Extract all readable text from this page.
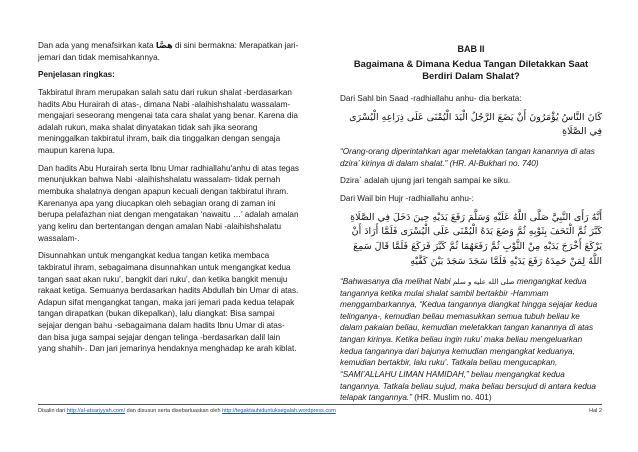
Dan ada yang menafsirkan kata هصَّا di sini bermakna: Merapatkan jari-jemari dan tidak memisahkannya.

Penjelasan ringkas:

Takbiratul ihram merupakan salah satu dari rukun shalat -berdasarkan hadits Abu Hurairah di atas-, dimana Nabi -alaihishshalatu wassalam- mengajari seseorang mengenai tata cara shalat yang benar. Karena dia adalah rukun, maka shalat dinyatakan tidak sah jika seorang meninggalkan takbiratul ihram, baik dia tinggalkan dengan sengaja maupun karena lupa.

Dan hadits Abu Hurairah serta Ibnu Umar radhiallahu'anhu di atas tegas menunjukkan bahwa Nabi -alaihishshalatu wassalam- tidak pernah membuka shalatnya dengan apapun kecuali dengan takbiratul ihram. Karenanya apa yang diucapkan oleh sebagian orang di zaman ini berupa pelafazhan niat dengan mengatakan ‘nawaitu …’ adalah amalan yang keliru dan bertentangan dengan amalan Nabi -alaihishshalatu wassalam-.

Disunnahkan untuk mengangkat kedua tangan ketika membaca takbiratul ihram, sebagaimana disunnahkan untuk mengangkat kedua tangan saat akan ruku’, bangkit dari ruku’, dan ketika bangkit menuju rakaat ketiga. Semuanya berdasarkan hadits Abdullah bin Umar di atas. Adapun sifat mengangkat tangan, maka jari jemari pada kedua telapak tangan dirapatkan (bukan dikepalkan), lalu diangkat: Bisa sampai sejajar dengan bahu -sebagaimana dalam hadits Ibnu Umar di atas- dan bisa juga sampai sejajar dengan telinga -berdasarkan dalil lain yang shahih-. Dan jari jemarinya hendaknya menghadap ke arah kiblat.

BAB II
Bagaimana & Dimana Kedua Tangan Diletakkan Saat Berdiri Dalam Shalat?

Dari Sahl bin Saad -radhiallahu anhu- dia berkata:

كَانَ النَّاسُ يُؤْمَرُونَ أَنْ يَضَعَ الرَّجُلُ الْيَدَ الْيُمْنَى عَلَى ذِرَاعِهِ الْيُسْرَى فِي الصَّلَاةِ

“Orang-orang diperintahkan agar meletakkan tangan kanannya di atas dzira’ kirinya di dalam shalat.” (HR. Al-Bukhari no. 740)

Dzira` adalah ujung jari tengah sampai ke siku.

Dari Wail bin Hujr -radhiallahu anhu-:

أَنَّهُ رَأَى النَّبِيَّ صَلَّى اللَّهُ عَلَيْهِ وَسَلَّمَ رَفَعَ يَدَيْهِ حِينَ دَخَلَ فِي الصَّلَاةِ كَبَّرَ ثُمَّ الْتَحَفَ بِثَوْبِهِ ثُمَّ وَضَعَ يَدَهُ الْيُمْنَى عَلَى الْيُسْرَى فَلَمَّا أَرَادَ أَنْ يَرْكَعَ أَخْرَجَ يَدَيْهِ مِنْ الثَّوْبِ ثُمَّ رَفَعَهُمَا ثُمَّ كَبَّرَ فَرَكَعَ فَلَمَّا قَالَ سَمِعَ اللَّهُ لِمَنْ حَمِدَهُ رَفَعَ يَدَيْهِ فَلَمَّا سَجَدَ سَجَدَ بَيْنَ كَفَّيْهِ

“Bahwasanya dia melihat Nabi صلى الله عليه و سلم mengangkat kedua tangannya ketika mulai shalat sambil bertakbir -Hammam menggambarkannya, “Kedua tangannya diangkat hingga sejajar kedua telinganya-, kemudian beliau memasukkan semua tubuh beliau ke dalam pakaian beliau, kemudian meletakkan tangan kanannya di atas tangan kirinya. Ketika beliau ingin ruku’ maka beliau mengeluarkan kedua tangannya dari bajunya kemudian mengangkat keduanya, kemudian bertakbir, lalu ruku’. Tatkala beliau mengucapkan, “SAMI’ALLAHU LIMAN HAMIDAH,” beliau mengangkat kedua tangannya. Tatkala beliau sujud, maka beliau bersujud di antara kedua telapak tangannya.” (HR. Muslim no. 401)

Disalin dari http://al-atsariyyah.com/ dan disusun serta disebarluaskan oleh http://tegaktauhiduntuksegalah.wordpress.com	Hal 2
